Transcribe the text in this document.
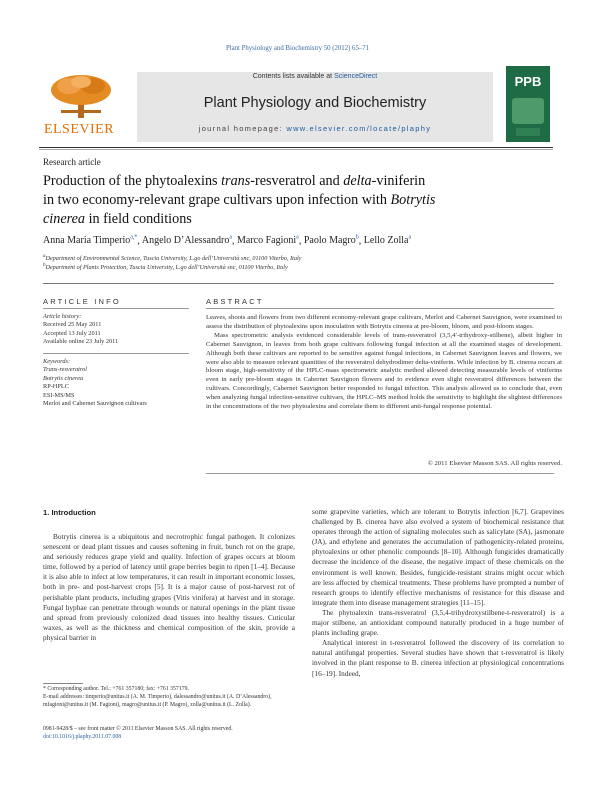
Plant Physiology and Biochemistry 50 (2012) 65–71
ELSEVIER
Contents lists available at ScienceDirect
Plant Physiology and Biochemistry
journal homepage: www.elsevier.com/locate/plaphy
PPB
Research article
Production of the phytoalexins trans-resveratrol and delta-viniferin
in two economy-relevant grape cultivars upon infection with Botrytis
cinerea in field conditions
Anna Maria Timperio$^{a,*}$, Angelo D’Alessandro$^a$, Marco Fagioni$^a$, Paolo Magro$^b$, Lello Zolla$^a$
$^a$Department of Environmental Science, Tuscia University, L.go dell’Università snc, 01100 Viterbo, Italy
$^b$Department of Plants Protection, Tuscia University, L.go dell’Università snc, 01100 Viterbo, Italy
ARTICLE INFO	ABSTRACT
Article history:
Received 25 May 2011
Accepted 13 July 2011
Available online 23 July 2011
Keywords:
Trans-resveratrol
Botrytis cinerea
RP-HPLC
ESI-MS/MS
Merlot and Cabernet Sauvignon cultivars

Leaves, shoots and flowers from two different economy-relevant grape cultivars, Merlot and Cabernet Sauvignon, were examined to assess the distribution of phytoalexins upon inoculation with Botrytis cinerea at pre-bloom, bloom, and post-bloom stages.

Mass spectrometric analysis evidenced considerable levels of trans-resveratrol (3,5,4′-trihydroxy-stilbene), albeit higher in Cabernet Sauvignon, in leaves from both grape cultivars following fungal infection at all the examined stages of development. Although both these cultivars are reported to be sensitive against fungal infections, in Cabernet Sauvignon leaves and flowers, we were also able to measure relevant quantities of the resveratrol dehydrodimer delta-viniferin. While infection by B. cinerea occurs at bloom stage, high-sensitivity of the HPLC-mass spectrometric analytic method allowed detecting measurable levels of viniferins even in early pre-bloom stages in Cabernet Sauvignon flowers and to evidence even slight resveratrol differences between the cultivars. Concordingly, Cabernet Sauvignon better responded to fungal infection. This analysis allowed us to conclude that, even when analyzing fungal infection-sensitive cultivars, the HPLC–MS method holds the sensitivity to highlight the slightest differences in the concentrations of the two phytoalexins and correlate them to different anti-fungal response potential.

© 2011 Elsevier Masson SAS. All rights reserved.
1. Introduction

Botrytis cinerea is a ubiquitous and necrotrophic fungal pathogen. It colonizes senescent or dead plant tissues and causes softening in fruit, bunch rot on the grape, and seriously reduces grape yield and quality. Infection of grapes occurs at bloom time, followed by a period of latency until grape berries begin to ripen [1–4]. Because it is also able to infect at low temperatures, it can result in important economic losses, both in pre- and post-harvest crops [5]. It is a major cause of post-harvest rot of perishable plant products, including grapes (Vitis vinifera) at harvest and in storage. Fungal hyphae can penetrate through wounds or natural openings in the plant tissue and spread from previously colonized dead tissues into healthy tissues. Cuticular waxes, as well as the thickness and chemical composition of the skin, provide a physical barrier in

some grapevine varieties, which are tolerant to Botrytis infection [6,7]. Grapevines challenged by B. cinerea have also evolved a system of biochemical resistance that operates through the action of signaling molecules such as salicylate (SA), jasmonate (JA), and ethylene and generates the accumulation of pathogenicity-related proteins, phytoalexins or other phenolic compounds [8–10]. Although fungicides dramatically decrease the incidence of the disease, the negative impact of these chemicals on the environment is well known. Besides, fungicide-resistant strains might occur which are less affected by chemical treatments. These problems have prompted a number of research groups to identify effective mechanisms of resistance for this disease and integrate them into disease management strategies [11–15].

The phytoalexin trans-resveratrol (3,5,4-trihydroxystilbene-t-resveratrol) is a major stilbene, an antioxidant compound naturally produced in a huge number of plants including grape.

Analytical interest in t-resveratrol followed the discovery of its correlation to natural antifungal properties. Several studies have shown that t-resveratrol is likely involved in the plant response to B. cinerea infection at physiological concentrations [16–19]. Indeed,

* Corresponding author. Tel.: +761 357180; fax: +761 357179.
E-mail addresses: timperio@unitus.it (A. M. Timperio), dalessandro@unitus.it (A. D’Alessandro), mfagioni@unitus.it (M. Fagioni), magro@unitus.it (P. Magro), zolla@unitus.it (L. Zolla).
0981-9428/$ – see front matter © 2011 Elsevier Masson SAS. All rights reserved.
doi:10.1016/j.plaphy.2011.07.008
